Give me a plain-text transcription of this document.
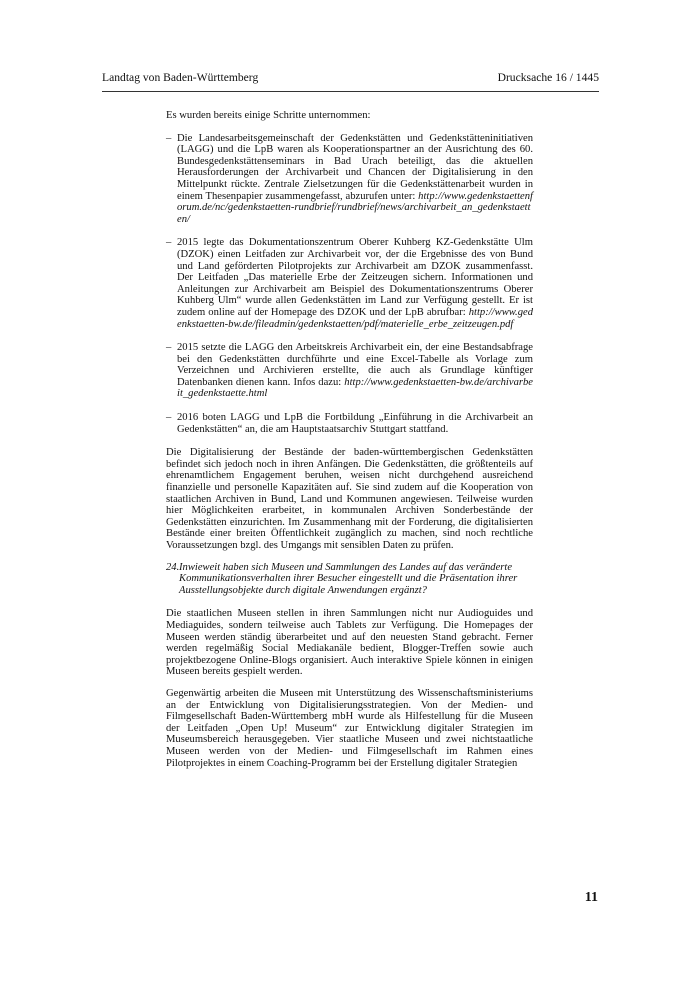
Landtag von Baden-Württemberg	Drucksache 16 / 1445

Es wurden bereits einige Schritte unternommen:

– Die Landesarbeitsgemeinschaft der Gedenkstätten und Gedenkstätteninitiativen (LAGG) und die LpB waren als Kooperationspartner an der Ausrichtung des 60. Bundesgedenkstättenseminars in Bad Urach beteiligt, das die aktuellen Herausforderungen der Archivarbeit und Chancen der Digitalisierung in den Mittelpunkt rückte. Zentrale Zielsetzungen für die Gedenkstättenarbeit wurden in einem Thesenpapier zusammengefasst, abzurufen unter: http://www.gedenkstaettenforum.de/nc/gedenkstaetten-rundbrief/rundbrief/news/archivarbeit_an_gedenkstaetten/
– 2015 legte das Dokumentationszentrum Oberer Kuhberg KZ-Gedenkstätte Ulm (DZOK) einen Leitfaden zur Archivarbeit vor, der die Ergebnisse des von Bund und Land geförderten Pilotprojekts zur Archivarbeit am DZOK zusammenfasst. Der Leitfaden „Das materielle Erbe der Zeitzeugen sichern. Informationen und Anleitungen zur Archivarbeit am Beispiel des Dokumentationszentrums Oberer Kuhberg Ulm“ wurde allen Gedenkstätten im Land zur Verfügung gestellt. Er ist zudem online auf der Homepage des DZOK und der LpB abrufbar: http://www.gedenkstaetten-bw.de/fileadmin/gedenkstaetten/pdf/materielle_erbe_zeitzeugen.pdf
– 2015 setzte die LAGG den Arbeitskreis Archivarbeit ein, der eine Bestandsabfrage bei den Gedenkstätten durchführte und eine Excel-Tabelle als Vorlage zum Verzeichnen und Archivieren erstellte, die auch als Grundlage künftiger Datenbanken dienen kann. Infos dazu: http://www.gedenkstaetten-bw.de/archivarbeit_gedenkstaette.html
– 2016 boten LAGG und LpB die Fortbildung „Einführung in die Archivarbeit an Gedenkstätten“ an, die am Hauptstaatsarchiv Stuttgart stattfand.

Die Digitalisierung der Bestände der baden-württembergischen Gedenkstätten befindet sich jedoch noch in ihren Anfängen. Die Gedenkstätten, die größtenteils auf ehrenamtlichem Engagement beruhen, weisen nicht durchgehend ausreichend finanzielle und personelle Kapazitäten auf. Sie sind zudem auf die Kooperation von staatlichen Archiven in Bund, Land und Kommunen angewiesen. Teilweise wurden hier Möglichkeiten erarbeitet, in kommunalen Archiven Sonderbestände der Gedenkstätten einzurichten. Im Zusammenhang mit der Forderung, die digitalisierten Bestände einer breiten Öffentlichkeit zugänglich zu machen, sind noch rechtliche Voraussetzungen bzgl. des Umgangs mit sensiblen Daten zu prüfen.

24. Inwieweit haben sich Museen und Sammlungen des Landes auf das veränderte Kommunikationsverhalten ihrer Besucher eingestellt und die Präsentation ihrer Ausstellungsobjekte durch digitale Anwendungen ergänzt?

Die staatlichen Museen stellen in ihren Sammlungen nicht nur Audioguides und Mediaguides, sondern teilweise auch Tablets zur Verfügung. Die Homepages der Museen werden ständig überarbeitet und auf den neuesten Stand gebracht. Ferner werden regelmäßig Social Mediakanäle bedient, Blogger-Treffen sowie auch projektbezogene Online-Blogs organisiert. Auch interaktive Spiele können in einigen Museen bereits gespielt werden.

Gegenwärtig arbeiten die Museen mit Unterstützung des Wissenschaftsministeriums an der Entwicklung von Digitalisierungsstrategien. Von der Medien- und Filmgesellschaft Baden-Württemberg mbH wurde als Hilfestellung für die Museen der Leitfaden „Open Up! Museum“ zur Entwicklung digitaler Strategien im Museumsbereich herausgegeben. Vier staatliche Museen und zwei nichtstaatliche Museen werden von der Medien- und Filmgesellschaft im Rahmen eines Pilotprojektes in einem Coaching-Programm bei der Erstellung digitaler Strategien

11
